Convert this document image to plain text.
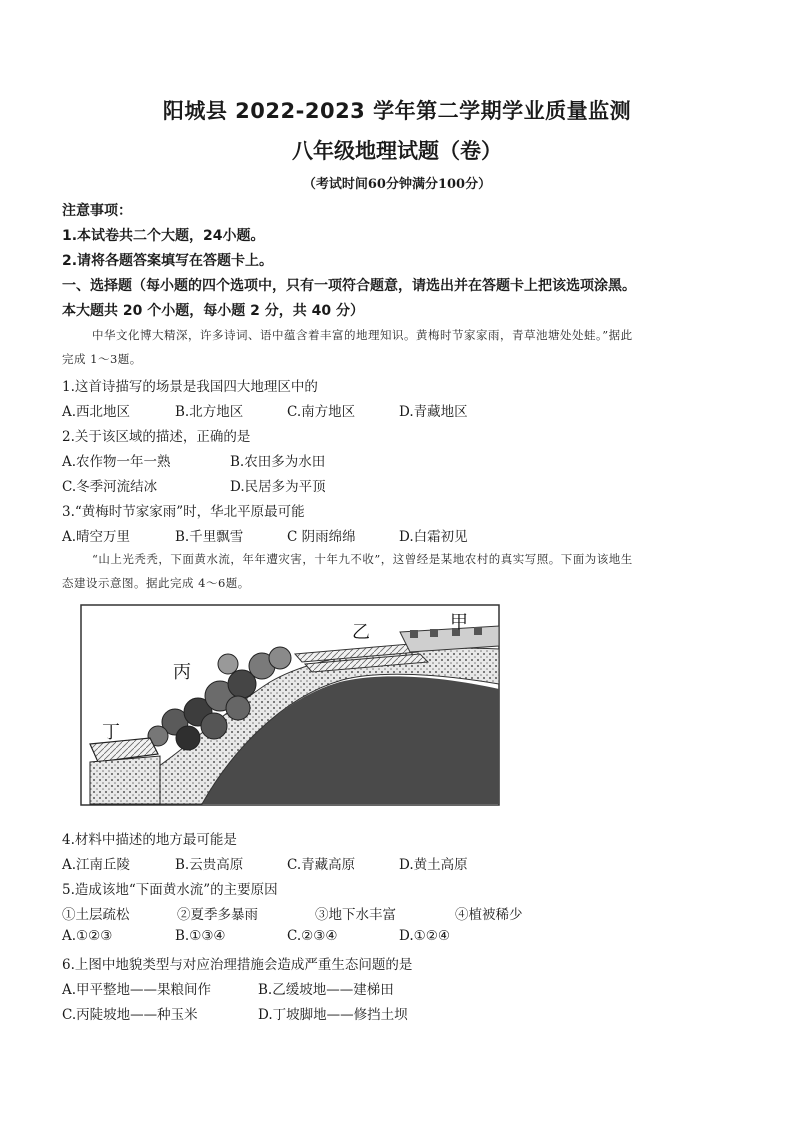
阳城县 2022-2023 学年第二学期学业质量监测
八年级地理试题（卷）
（考试时间60分钟满分100分）
注意事项：
1.本试卷共二个大题，24小题。
2.请将各题答案填写在答题卡上。
一、选择题（每小题的四个选项中，只有一项符合题意，请选出并在答题卡上把该选项涂黑。
本大题共 20 个小题，每小题 2 分，共 40 分）
中华文化博大精深，许多诗词、语中蕴含着丰富的地理知识。黄梅时节家家雨，青草池塘处处蛙。”据此
完成 1～3题。
1.这首诗描写的场景是我国四大地理区中的
A.西北地区	B.北方地区	C.南方地区	D.青藏地区
2.关于该区域的描述，正确的是
A.农作物一年一熟	B.农田多为水田
C.冬季河流结冰	D.民居多为平顶
3.“黄梅时节家家雨”时，华北平原最可能
A.晴空万里	B.千里飘雪	C 阴雨绵绵	D.白霜初见
“山上光秃秃，下面黄水流，年年遭灾害，十年九不收”，这曾经是某地农村的真实写照。下面为该地生
态建设示意图。据此完成 4～6题。
甲
乙
丙
丁
4.材料中描述的地方最可能是
A.江南丘陵	B.云贵高原	C.青藏高原	D.黄土高原
5.造成该地“下面黄水流”的主要原因
①土层疏松	②夏季多暴雨	③地下水丰富	④植被稀少
A.①②③	B.①③④	C.②③④	D.①②④
6.上图中地貌类型与对应治理措施会造成严重生态问题的是
A.甲平整地——果粮间作	B.乙缓坡地——建梯田
C.丙陡坡地——种玉米	D.丁坡脚地——修挡土坝
